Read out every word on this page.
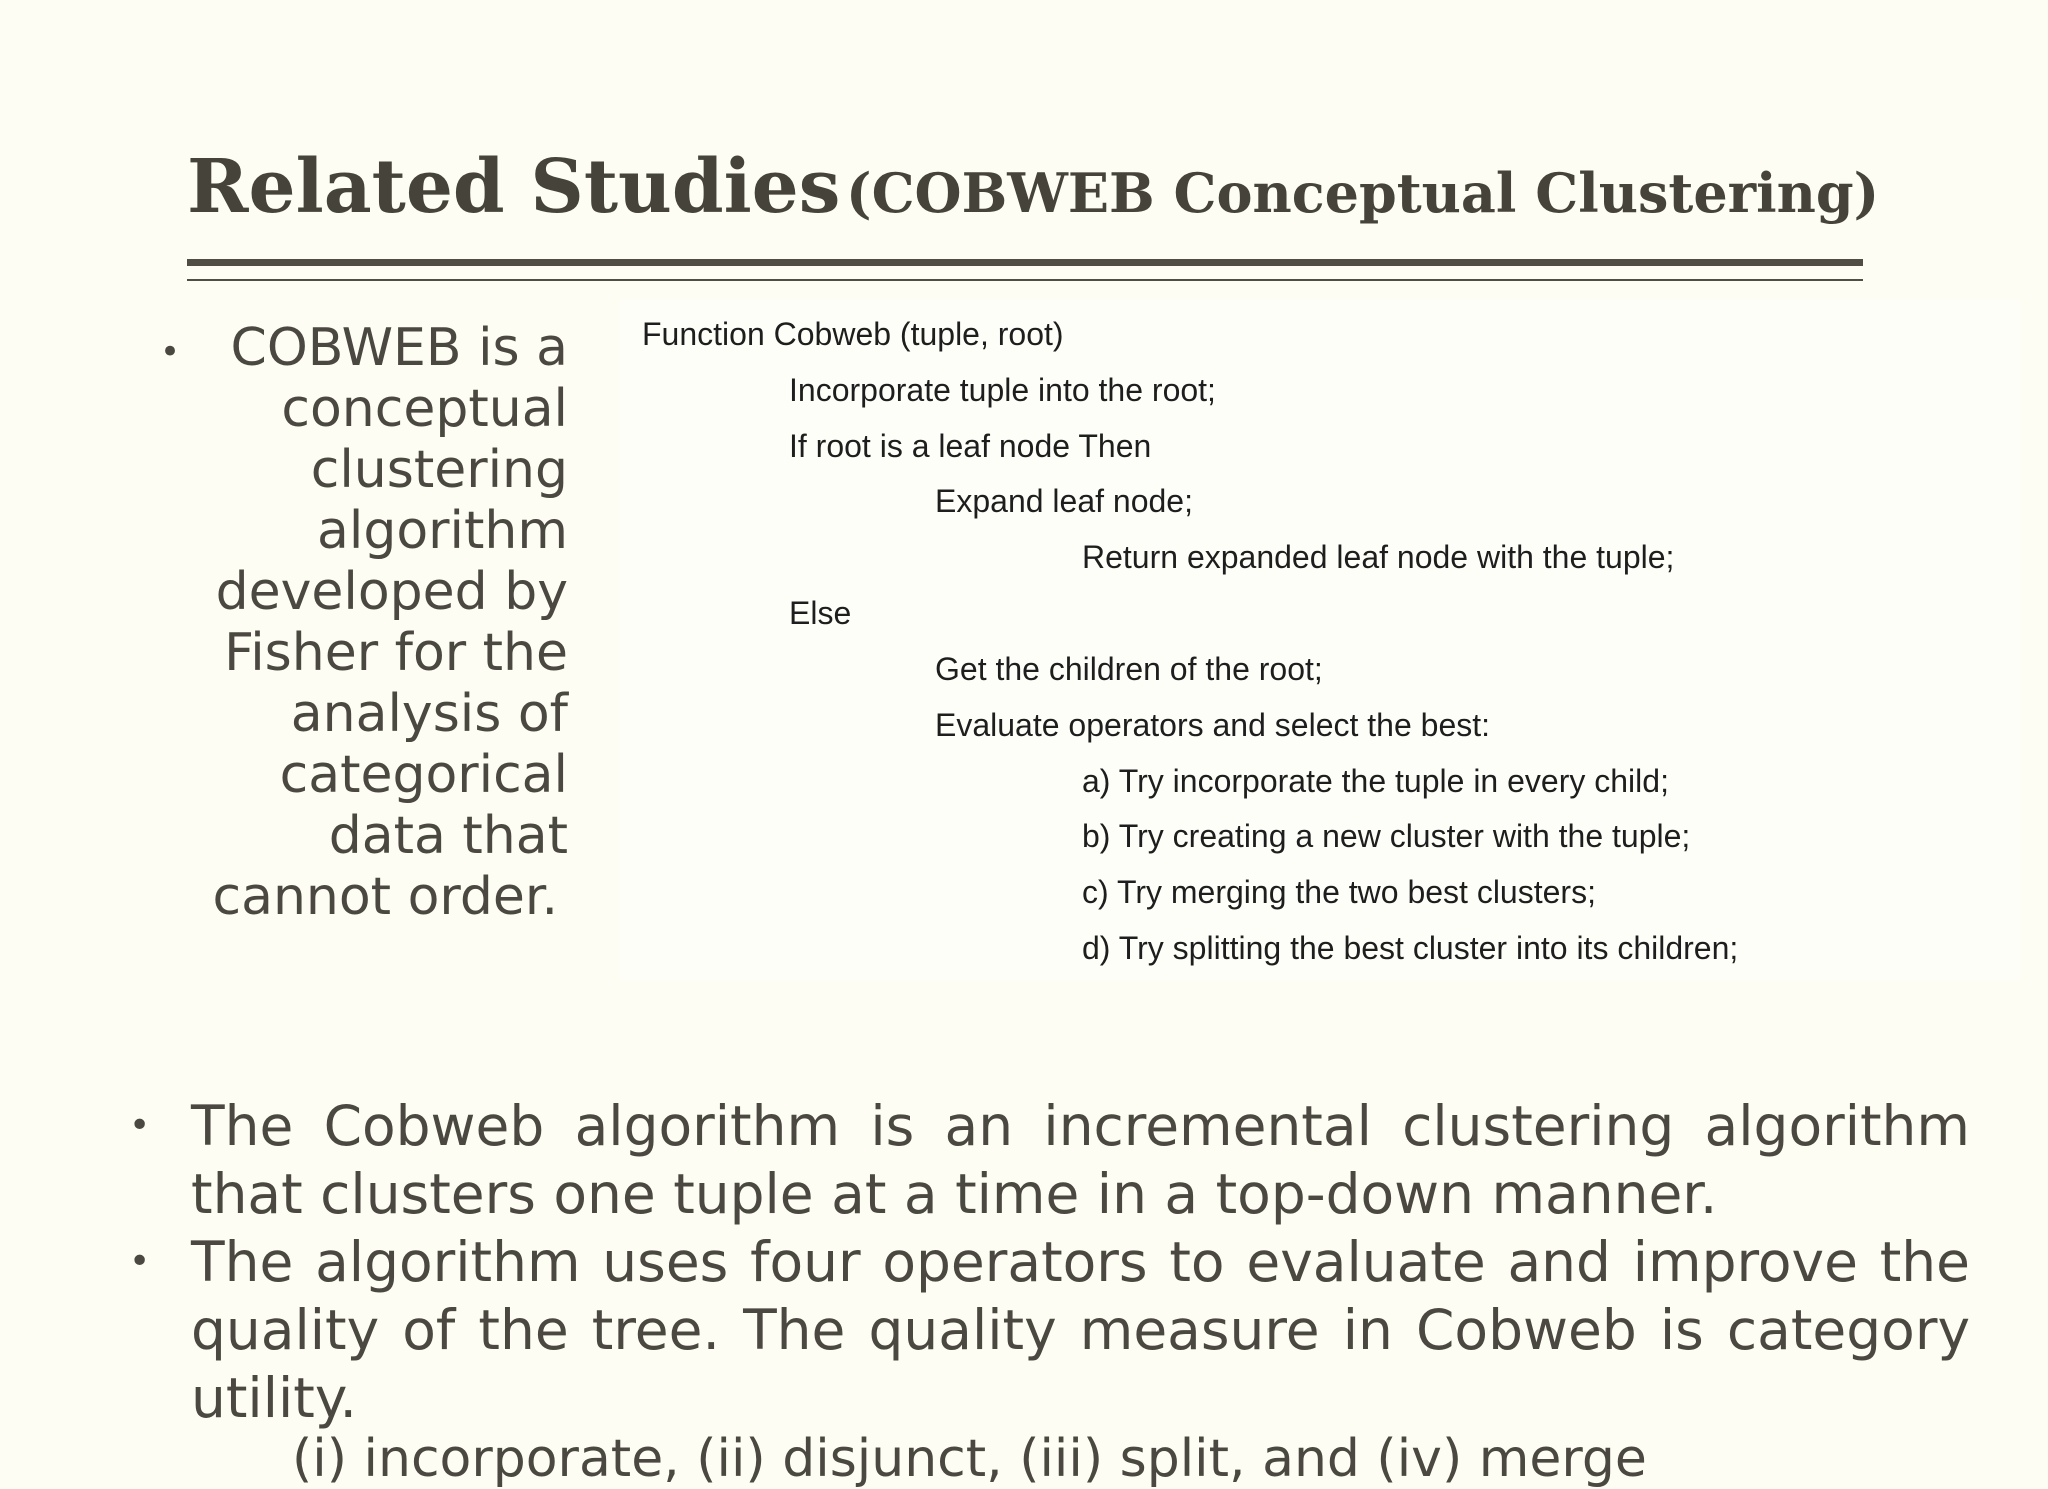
Related Studies (COBWEB Conceptual Clustering)
• COBWEB is a
conceptual
clustering
algorithm
developed by
Fisher for the
analysis of
categorical
data that
cannot order.
Function Cobweb (tuple, root)
Incorporate tuple into the root;
If root is a leaf node Then
Expand leaf node;
Return expanded leaf node with the tuple;
Else
Get the children of the root;
Evaluate operators and select the best:
a) Try incorporate the tuple in every child;
b) Try creating a new cluster with the tuple;
c) Try merging the two best clusters;
d) Try splitting the best cluster into its children;
• The Cobweb algorithm is an incremental clustering algorithm that clusters one tuple at a time in a top-down manner.
• The algorithm uses four operators to evaluate and improve the quality of the tree. The quality measure in Cobweb is category utility.
(i) incorporate, (ii) disjunct, (iii) split, and (iv) merge
